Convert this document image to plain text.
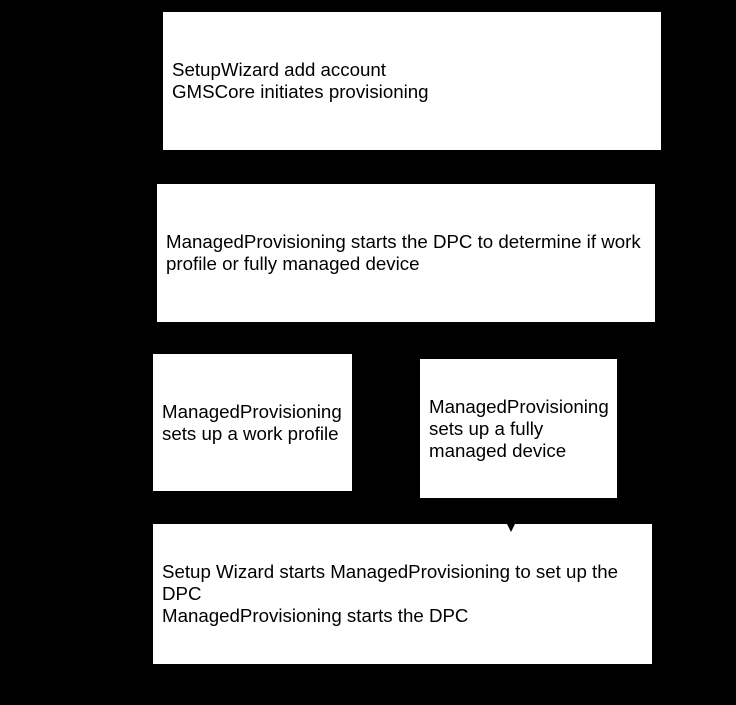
SetupWizard add account
GMSCore initiates provisioning
ManagedProvisioning starts the DPC to determine if work
profile or fully managed device
ManagedProvisioning
sets up a work profile
ManagedProvisioning
sets up a fully
managed device
Setup Wizard starts ManagedProvisioning to set up the
DPC
ManagedProvisioning starts the DPC
